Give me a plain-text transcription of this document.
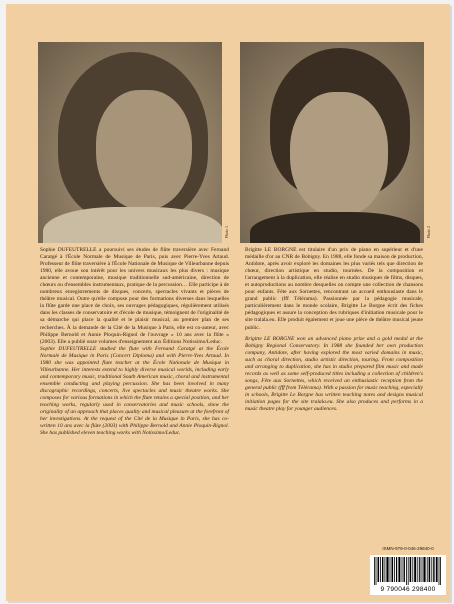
Photo 1	Photo 2

Sophie DUFEUTRELLE a poursuivi ses études de flûte traversière avec Fernand Caratgé à l'École Normale de Musique de Paris, puis avec Pierre-Yves Artaud. Professeur de flûte traversière à l'École Nationale de Musique de Villeurbanne depuis 1980, elle avoue son intérêt pour les univers musicaux les plus divers : musique ancienne et contemporaine, musique traditionnelle sud-américaine, direction de chœurs ou d'ensembles instrumentaux, pratique de la percussion… Elle participe à de nombreux enregistrements de disques, concerts, spectacles vivants et pièces de théâtre musical. Outre qu'elle compose pour des formations diverses dans lesquelles la flûte garde une place de choix, ses ouvrages pédagogiques, régulièrement utilisés dans les classes de conservatoire et d'école de musique, témoignent de l'originalité de sa démarche qui place la qualité et le plaisir musical, au premier plan de ses recherches. À la demande de la Cité de la Musique à Paris, elle est co-auteur, avec Philippe Bernold et Annie Ploquin-Rignol de l'ouvrage « 10 ans avec la flûte » (2003). Elle a publié onze volumes d'enseignement aux Éditions Notissimo/Leduc.

Sophie DUFEUTRELLE studied the flute with Fernand Caratgé at the École Normale de Musique in Paris (Concert Diploma) and with Pierre-Yves Artaud. In 1980 she was appointed flute teacher at the École Nationale de Musique in Villeurbanne. Her interests extend to highly diverse musical worlds, including early and contemporary music, traditional South American music, choral and instrumental ensemble conducting and playing percussion. She has been involved in many discographic recordings, concerts, live spectacles and music theatre works. She composes for various formations in which the flute retains a special position, and her teaching works, regularly used in conservatories and music schools, show the originality of an approach that places quality and musical pleasure at the forefront of her investigations. At the request of the Cité de la Musique in Paris, she has co-written 10 ans avec la flûte (2003) with Philippe Bernold and Annie Ploquin-Rignol. She has published eleven teaching works with Notissimo/Leduc.

Brigitte LE BORGNE est titulaire d'un prix de piano en supérieur et d'une médaille d'or au CNR de Bobigny. En 1988, elle fonde sa maison de production, Antidote, après avoir exploré les domaines les plus variés tels que direction de chœur, direction artistique en studio, tournées. De la composition et l'arrangement à la duplication, elle réalise en studio musiques de films, disques, et autoproductions au nombre desquelles on compte une collection de chansons pour enfants. Fête aux Sornettes, rencontrant un accueil enthousiaste dans le grand public (fff Télérama). Passionnée par la pédagogie musicale, particulièrement dans le monde scolaire, Brigitte Le Borgne écrit des fiches pédagogiques et assure la conception des rubriques d'initiation musicale pour le site tralala.eu. Elle produit également et joue une pièce de théâtre musical jeune public.

Brigitte LE BORGNE won an advanced piano prize and a gold medal at the Bobigny Regional Conservatory. In 1988 she founded her own production company, Antidote, after having explored the most varied domains in music, such as choral direction, studio artistic direction, touring. From composition and arranging to duplication, she has in studio prepared film music and made records as well as some self-produced titles including a collection of children's songs, Fête aux Sornettes, which received an enthusiastic reception from the general public (fff from Télérama). With a passion for music teaching, especially in schools, Brigitte Le Borgne has written teaching notes and designs musical initiation pages for the site tralala.eu. She also produces and performs in a music theatre play for younger audiences.

ISMN-979-0-046-29840-0
9 790046 298400
